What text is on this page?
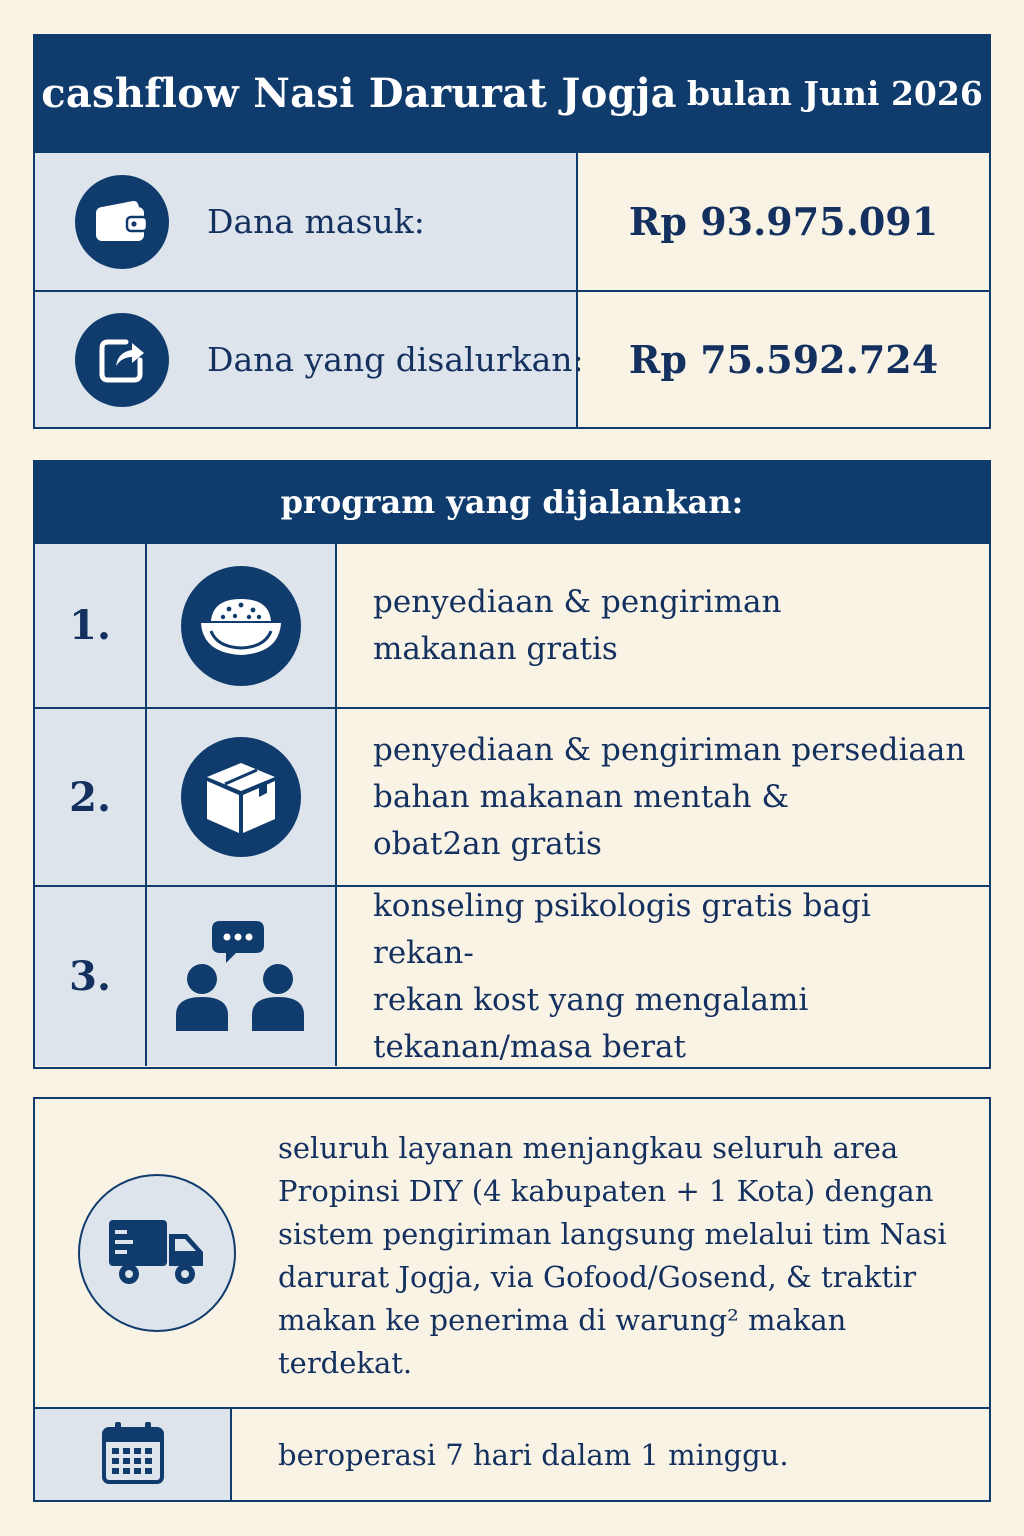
cashflow Nasi Darurat Jogja bulan Juni 2026
Dana masuk:	Rp 93.975.091
Dana yang disalurkan:	Rp 75.592.724
program yang dijalankan:
1.
penyediaan & pengiriman
makanan gratis
2.
penyediaan & pengiriman persediaan
bahan makanan mentah &
obat2an gratis
3.
konseling psikologis gratis bagi rekan-
rekan kost yang mengalami
tekanan/masa berat
seluruh layanan menjangkau seluruh area
Propinsi DIY (4 kabupaten + 1 Kota) dengan
sistem pengiriman langsung melalui tim Nasi
darurat Jogja, via Gofood/Gosend, & traktir
makan ke penerima di warung² makan
terdekat.
beroperasi 7 hari dalam 1 minggu.
